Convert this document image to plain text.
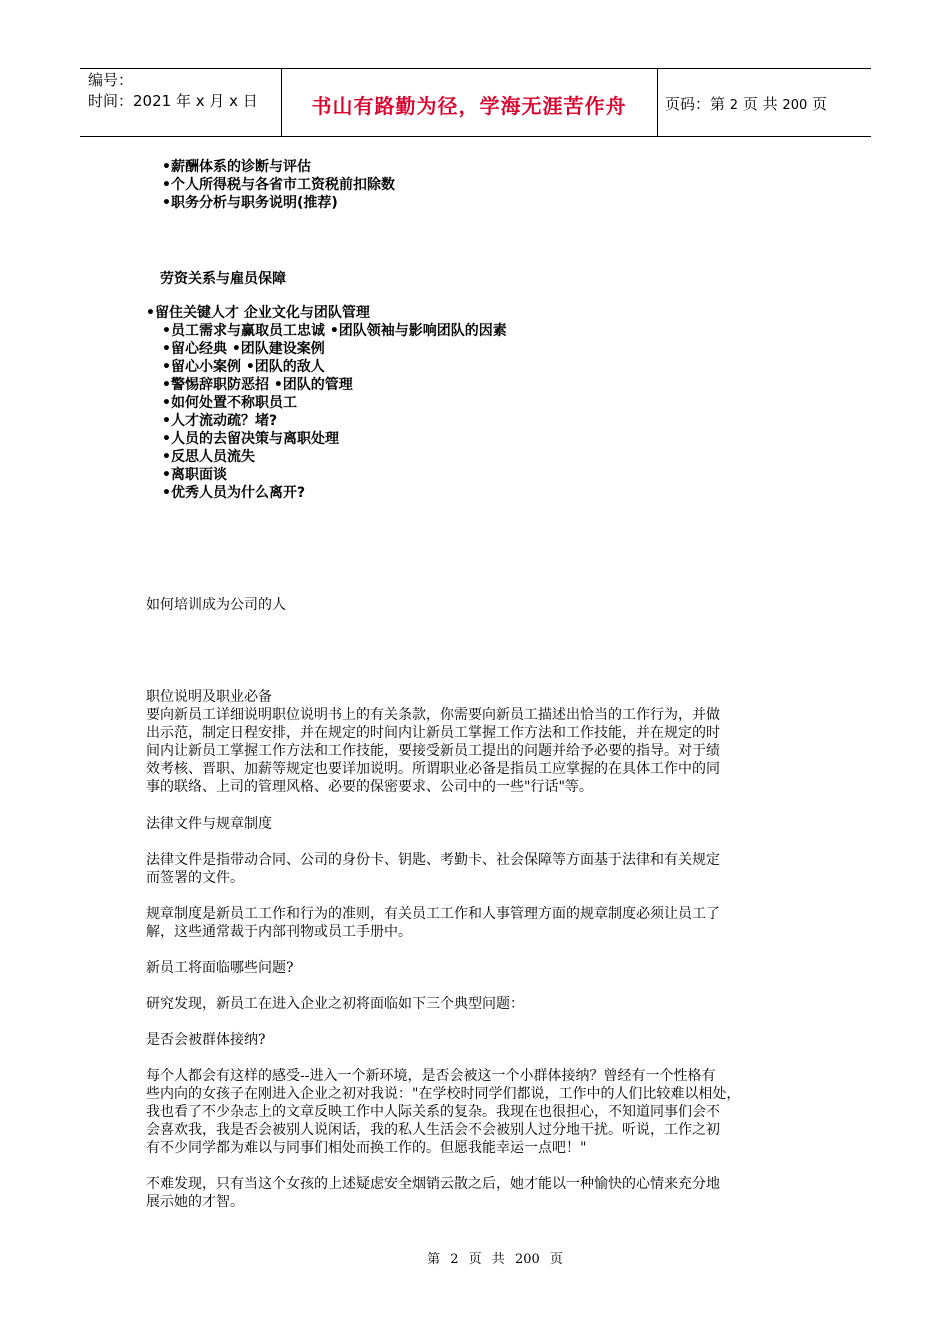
编号：
时间：2021 年 x 月 x 日	书山有路勤为径，学海无涯苦作舟	页码：第 2 页 共 200 页
•薪酬体系的诊断与评估
•个人所得税与各省市工资税前扣除数
•职务分析与职务说明(推荐)
劳资关系与雇员保障
•留住关键人才 企业文化与团队管理
•员工需求与赢取员工忠诚 •团队领袖与影响团队的因素
•留心经典 •团队建设案例
•留心小案例 •团队的敌人
•警惕辞职防恶招 •团队的管理
•如何处置不称职员工
•人才流动疏？堵?
•人员的去留决策与离职处理
•反思人员流失
•离职面谈
•优秀人员为什么离开?

如何培训成为公司的人

职位说明及职业必备
要向新员工详细说明职位说明书上的有关条款，你需要向新员工描述出恰当的工作行为，并做
出示范，制定日程安排，并在规定的时间内让新员工掌握工作方法和工作技能，并在规定的时
间内让新员工掌握工作方法和工作技能，要接受新员工提出的问题并给予必要的指导。对于绩
效考核、晋职、加薪等规定也要详加说明。所谓职业必备是指员工应掌握的在具体工作中的同
事的联络、上司的管理风格、必要的保密要求、公司中的一些"行话"等。

法律文件与规章制度

法律文件是指带动合同、公司的身份卡、钥匙、考勤卡、社会保障等方面基于法律和有关规定
而签署的文件。
规章制度是新员工工作和行为的准则，有关员工工作和人事管理方面的规章制度必须让员工了
解，这些通常裁于内部刊物或员工手册中。

新员工将面临哪些问题?

研究发现，新员工在进入企业之初将面临如下三个典型问题：

是否会被群体接纳?

每个人都会有这样的感受--进入一个新环境，是否会被这一个小群体接纳？曾经有一个性格有
些内向的女孩子在刚进入企业之初对我说："在学校时同学们都说，工作中的人们比较难以相处，
我也看了不少杂志上的文章反映工作中人际关系的复杂。我现在也很担心，不知道同事们会不
会喜欢我，我是否会被别人说闲话，我的私人生活会不会被别人过分地干扰。听说，工作之初
有不少同学都为难以与同事们相处而换工作的。但愿我能幸运一点吧！"
不难发现，只有当这个女孩的上述疑虑安全烟销云散之后，她才能以一种愉快的心情来充分地
展示她的才智。
第 2 页 共 200 页
